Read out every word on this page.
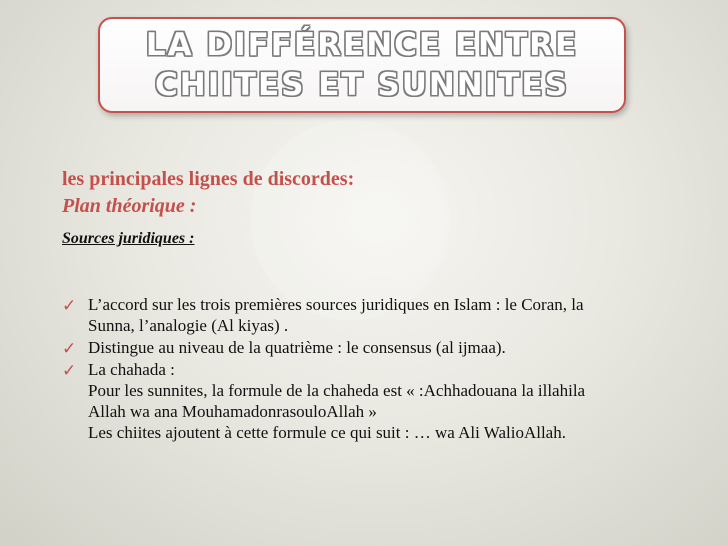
LA DIFFÉRENCE ENTRE
CHIITES ET SUNNITES
les principales lignes de discordes:
Plan théorique :
Sources juridiques :
✓ L’accord sur les trois premières sources juridiques en Islam : le Coran, la
Sunna, l’analogie (Al kiyas) .
✓ Distingue au niveau de la quatrième : le consensus (al ijmaa).
✓ La chahada :
Pour les sunnites, la formule de la chaheda est « :Achhadouana la illahila
Allah wa ana MouhamadonrasouloAllah »
Les chiites ajoutent à cette formule ce qui suit : … wa Ali WalioAllah.
